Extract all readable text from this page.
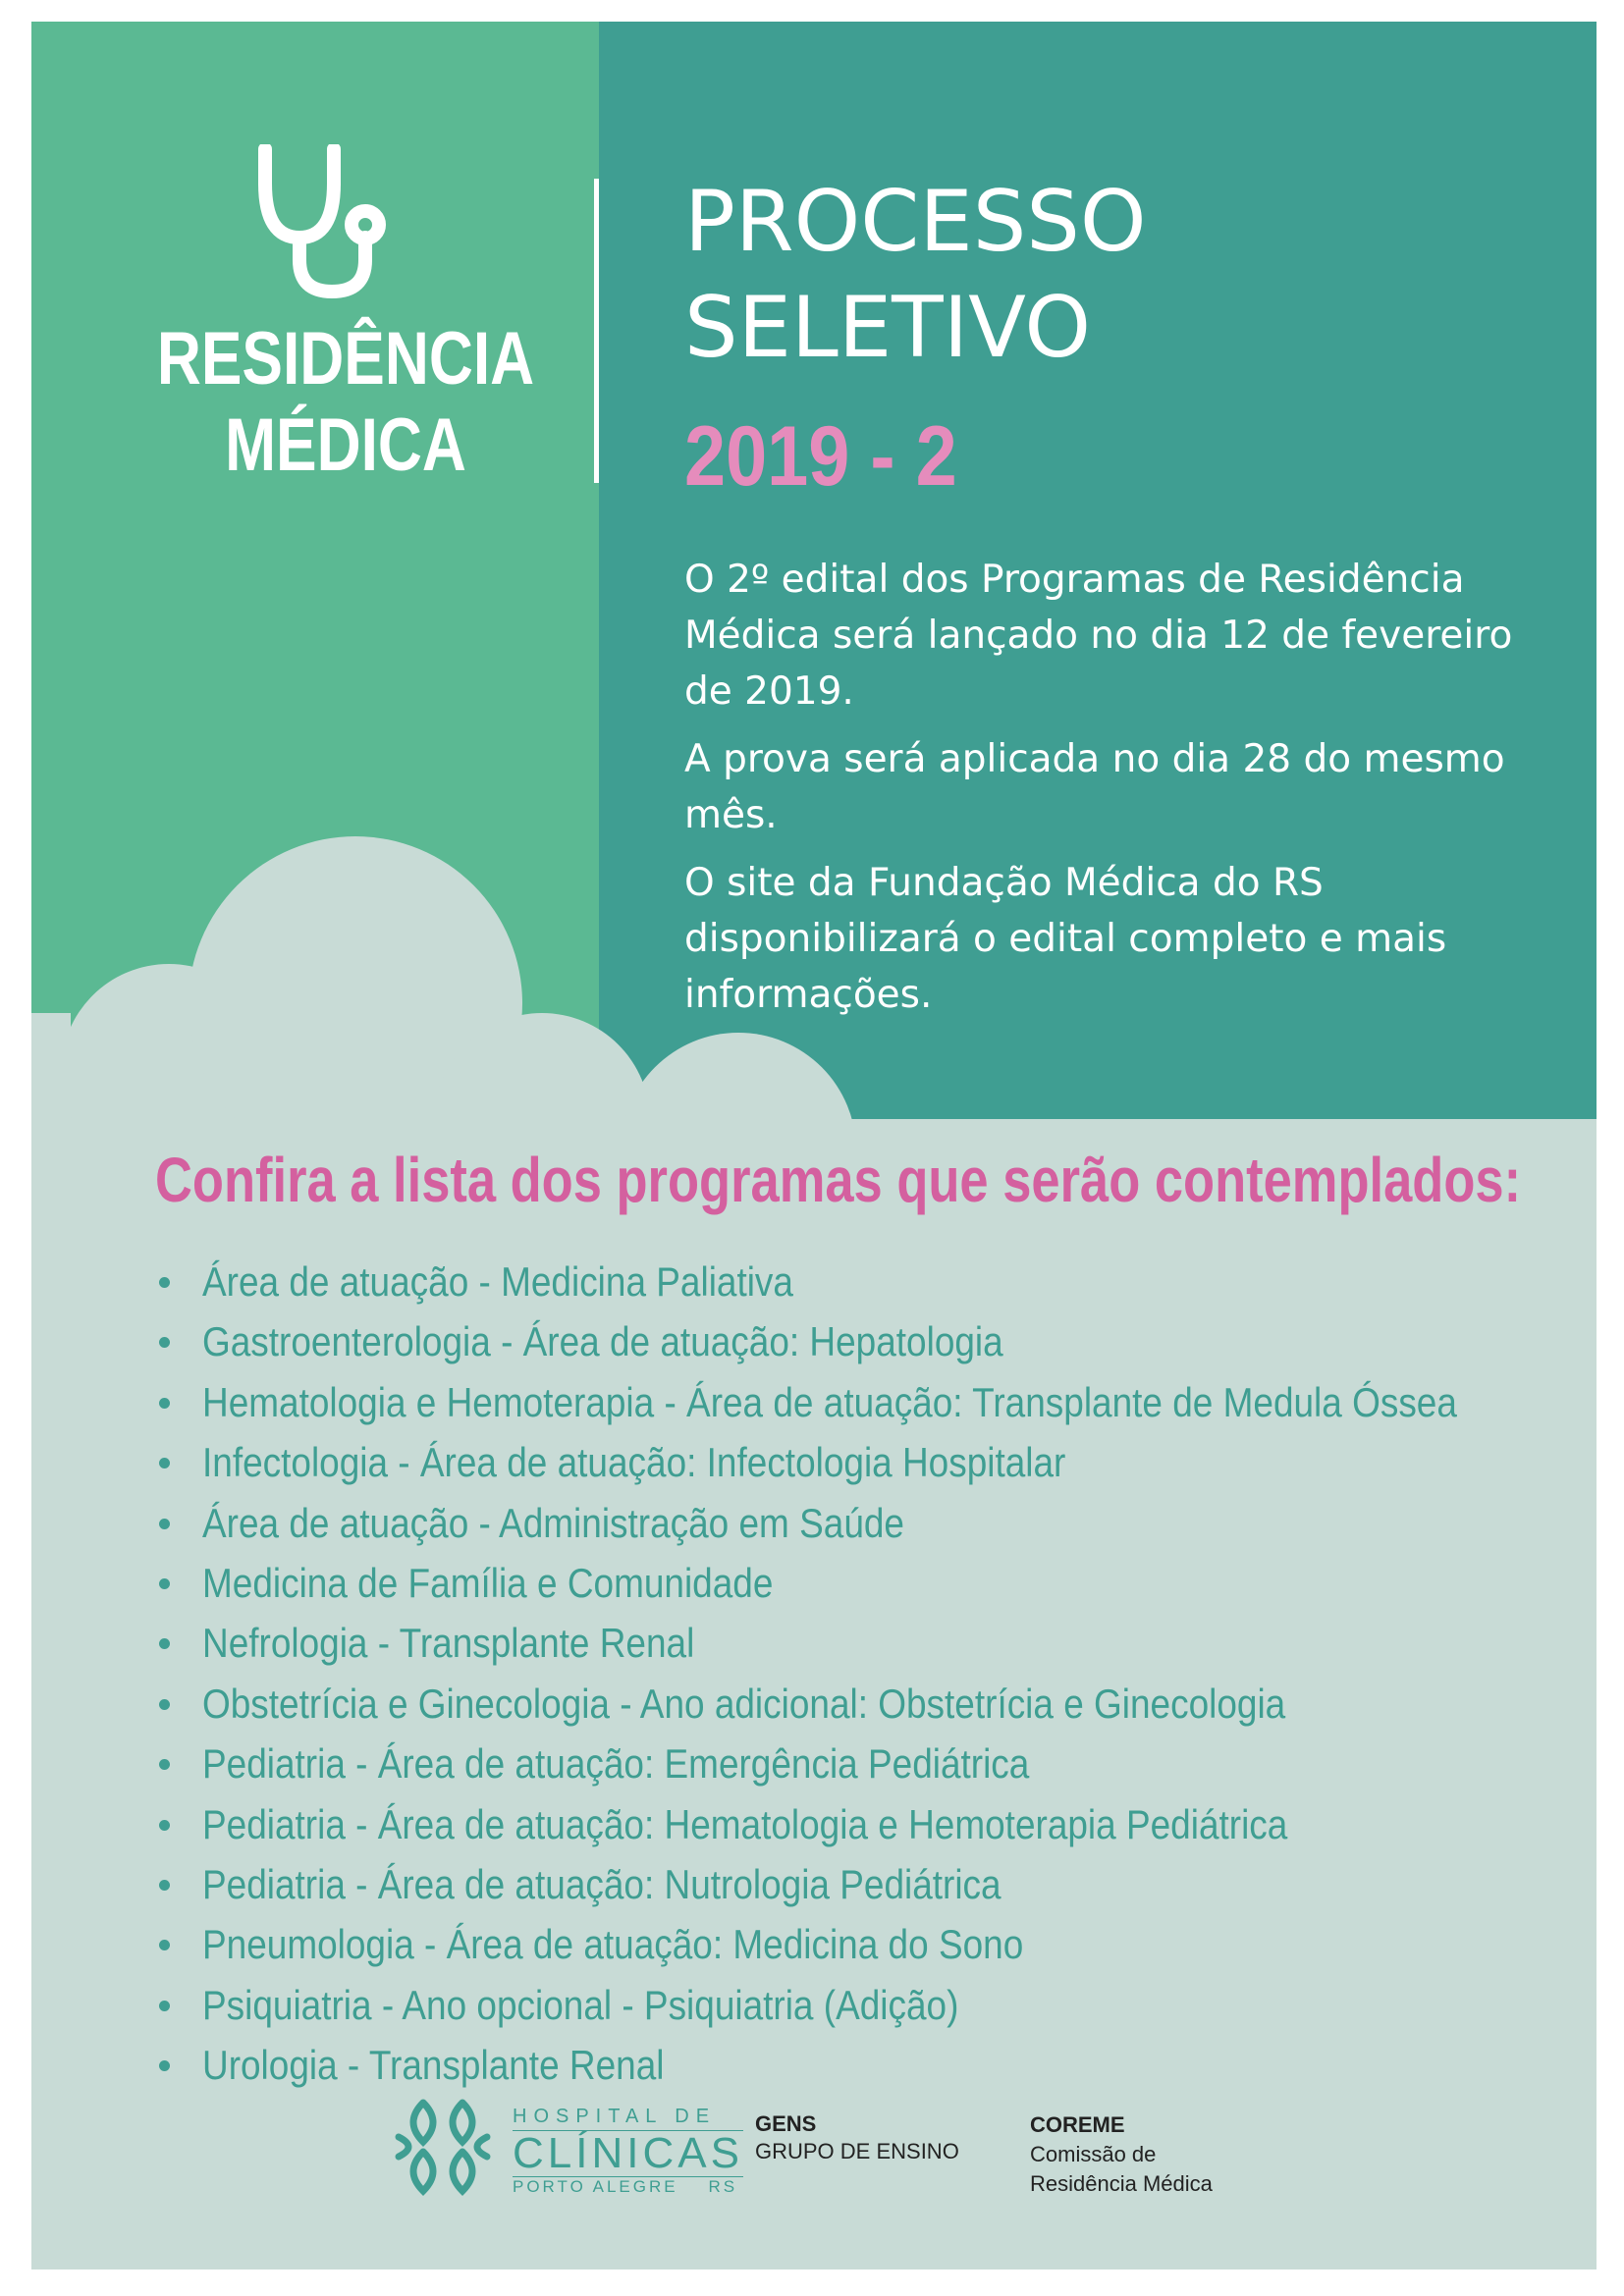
RESIDÊNCIA
MÉDICA
PROCESSO
SELETIVO
2019 - 2

O 2º edital dos Programas de Residência Médica será lançado no dia 12 de fevereiro de 2019.

A prova será aplicada no dia 28 do mesmo mês.

O site da Fundação Médica do RS disponibilizará o edital completo e mais informações.

Confira a lista dos programas que serão contemplados:
Área de atuação - Medicina Paliativa
Gastroenterologia - Área de atuação: Hepatologia
Hematologia e Hemoterapia - Área de atuação: Transplante de Medula Óssea
Infectologia - Área de atuação: Infectologia Hospitalar
Área de atuação - Administração em Saúde
Medicina de Família e Comunidade
Nefrologia - Transplante Renal
Obstetrícia e Ginecologia - Ano adicional: Obstetrícia e Ginecologia
Pediatria - Área de atuação: Emergência Pediátrica
Pediatria - Área de atuação: Hematologia e Hemoterapia Pediátrica
Pediatria - Área de atuação: Nutrologia Pediátrica
Pneumologia - Área de atuação: Medicina do Sono
Psiquiatria - Ano opcional - Psiquiatria (Adição)
Urologia - Transplante Renal
HOSPITAL DE
CLÍNICAS
PORTO ALEGRE    RS
GENS
GRUPO DE ENSINO
COREME
Comissão de
Residência Médica
